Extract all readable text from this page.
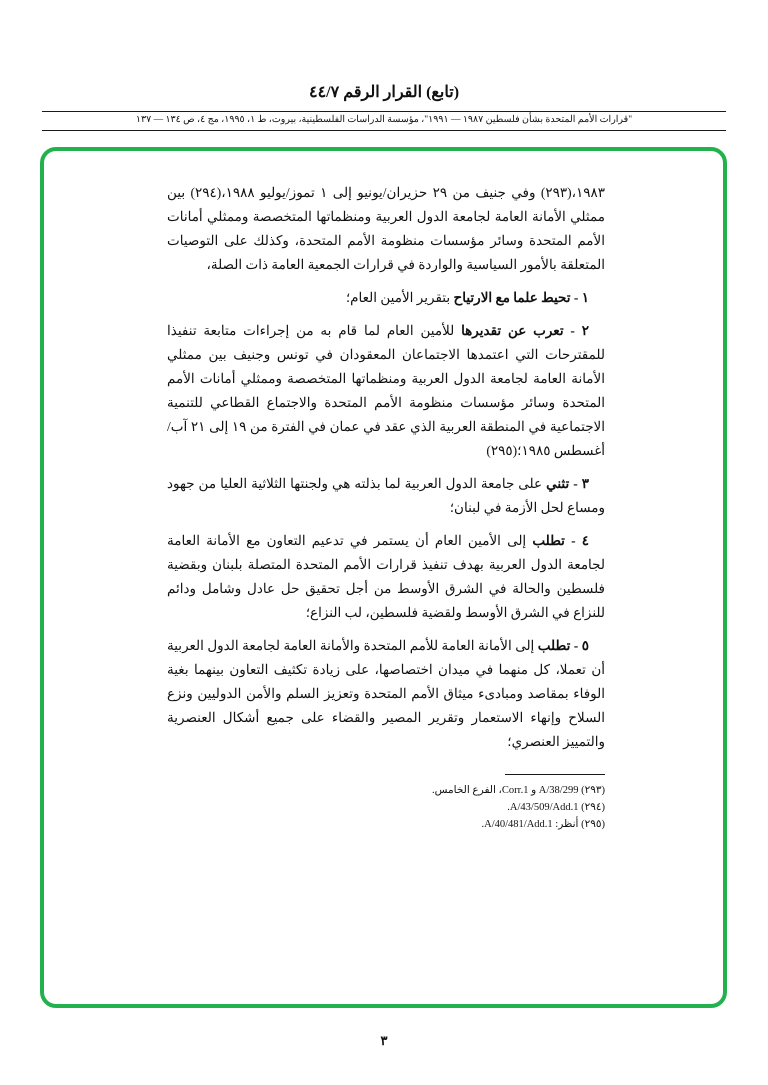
(تابع) القرار الرقم ٤٤/٧
"قرارات الأمم المتحدة بشأن فلسطين ١٩٨٧ — ١٩٩١"، مؤسسة الدراسات الفلسطينية، بيروت، ط ١، ١٩٩٥، مج ٤، ص ١٣٤ — ١٣٧

١٩٨٣،(٢٩٣) وفي جنيف من ٢٩ حزيران/يونيو إلى ١ تموز/يوليو ١٩٨٨،(٢٩٤) بين ممثلي الأمانة العامة لجامعة الدول العربية ومنظماتها المتخصصة وممثلي أمانات الأمم المتحدة وسائر مؤسسات منظومة الأمم المتحدة، وكذلك على التوصيات المتعلقة بالأمور السياسية والواردة في قرارات الجمعية العامة ذات الصلة،

١ - تحيط علما مع الارتياح بتقرير الأمين العام؛

٢ - تعرب عن تقديرها للأمين العام لما قام به من إجراءات متابعة تنفيذا للمقترحات التي اعتمدها الاجتماعان المعقودان في تونس وجنيف بين ممثلي الأمانة العامة لجامعة الدول العربية ومنظماتها المتخصصة وممثلي أمانات الأمم المتحدة وسائر مؤسسات منظومة الأمم المتحدة والاجتماع القطاعي للتنمية الاجتماعية في المنطقة العربية الذي عقد في عمان في الفترة من ١٩ إلى ٢١ آب/أغسطس ١٩٨٥؛(٢٩٥)

٣ - تثني على جامعة الدول العربية لما بذلته هي ولجنتها الثلاثية العليا من جهود ومساع لحل الأزمة في لبنان؛

٤ - تطلب إلى الأمين العام أن يستمر في تدعيم التعاون مع الأمانة العامة لجامعة الدول العربية بهدف تنفيذ قرارات الأمم المتحدة المتصلة بلبنان وبقضية فلسطين والحالة في الشرق الأوسط من أجل تحقيق حل عادل وشامل ودائم للنزاع في الشرق الأوسط ولقضية فلسطين، لب النزاع؛

٥ - تطلب إلى الأمانة العامة للأمم المتحدة والأمانة العامة لجامعة الدول العربية أن تعملا، كل منهما في ميدان اختصاصها، على زيادة تكثيف التعاون بينهما بغية الوفاء بمقاصد ومبادىء ميثاق الأمم المتحدة وتعزيز السلم والأمن الدوليين ونزع السلاح وإنهاء الاستعمار وتقرير المصير والقضاء على جميع أشكال العنصرية والتمييز العنصري؛

(٢٩٣) A/38/299 و Corr.1، الفرع الخامس.

(٢٩٤) A/43/509/Add.1.

(٢٩٥) أنظر: A/40/481/Add.1.

٣
